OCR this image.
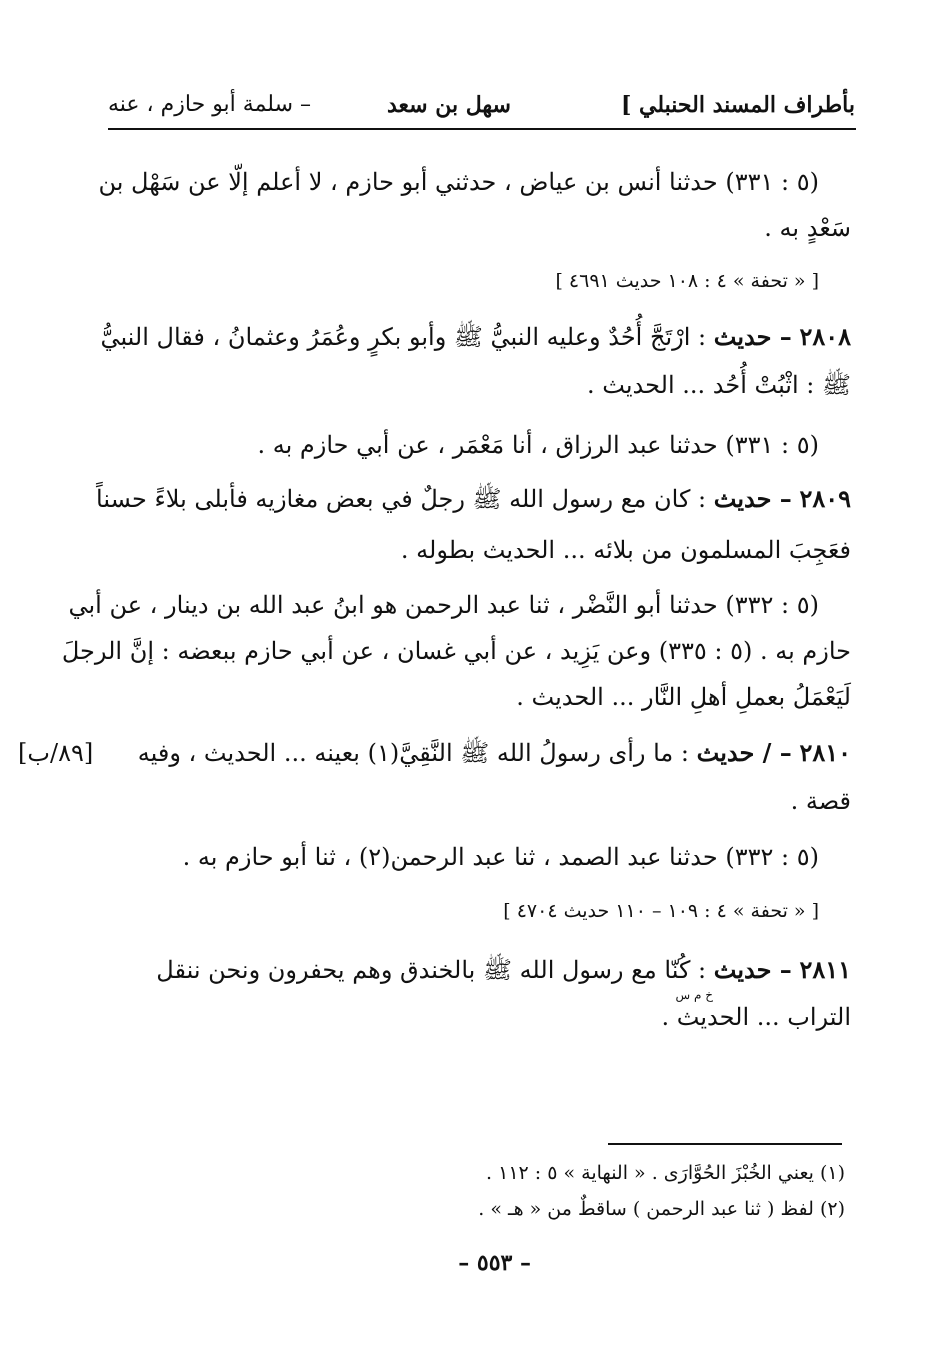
بأطراف المسند الحنبلي ]
سهل بن سعد
– سلمة أبو حازم ، عنه
(٥ : ٣٣١) حدثنا أنس بن عياض ، حدثني أبو حازم ، لا أعلم إلّا عن سَهْل بن
سَعْدٍ به .
[ « تحفة » ٤ : ١٠٨ حديث ٤٦٩١ ]
٢٨٠٨ – حديث : ارْتَجَّ أُحُدٌ وعليه النبيُّ ﷺ وأبو بكرٍ وعُمَرُ وعثمانُ ، فقال النبيُّ
ﷺ : اثْبُتْ أُحُد ... الحديث .
(٥ : ٣٣١) حدثنا عبد الرزاق ، أنا مَعْمَر ، عن أبي حازم به .
٢٨٠٩ – حديث : كان مع رسول الله ﷺ رجلٌ في بعض مغازيه فأبلى بلاءً حسناً
فعَجِبَ المسلمون من بلائه ... الحديث بطوله .
(٥ : ٣٣٢) حدثنا أبو النَّضْر ، ثنا عبد الرحمن هو ابنُ عبد الله بن دينار ، عن أبي
حازم به . (٥ : ٣٣٥) وعن يَزِيد ، عن أبي غسان ، عن أبي حازم ببعضه : إنَّ الرجلَ
لَيَعْمَلُ بعملِ أهلِ النَّار ... الحديث .
٢٨١٠ – / حديث : ما رأى رسولُ الله ﷺ النَّقِيَّ(١) بعينه ... الحديث ، وفيه
[٨٩/ب]
قصة .
(٥ : ٣٣٢) حدثنا عبد الصمد ، ثنا عبد الرحمن(٢) ، ثنا أبو حازم به .
[ « تحفة » ٤ : ١٠٩ – ١١٠ حديث ٤٧٠٤ ]
٢٨١١ – حديث : كُنّا مع رسول الله ﷺ بالخندق وهم يحفرون ونحن ننقل
خ م س
التراب ... الحديث .
(١) يعني الخُبْزَ الحُوَّارَى . « النهاية » ٥ : ١١٢ .
(٢) لفظ ( ثنا عبد الرحمن ) ساقطٌ من « هـ » .
– ٥٥٣ –
